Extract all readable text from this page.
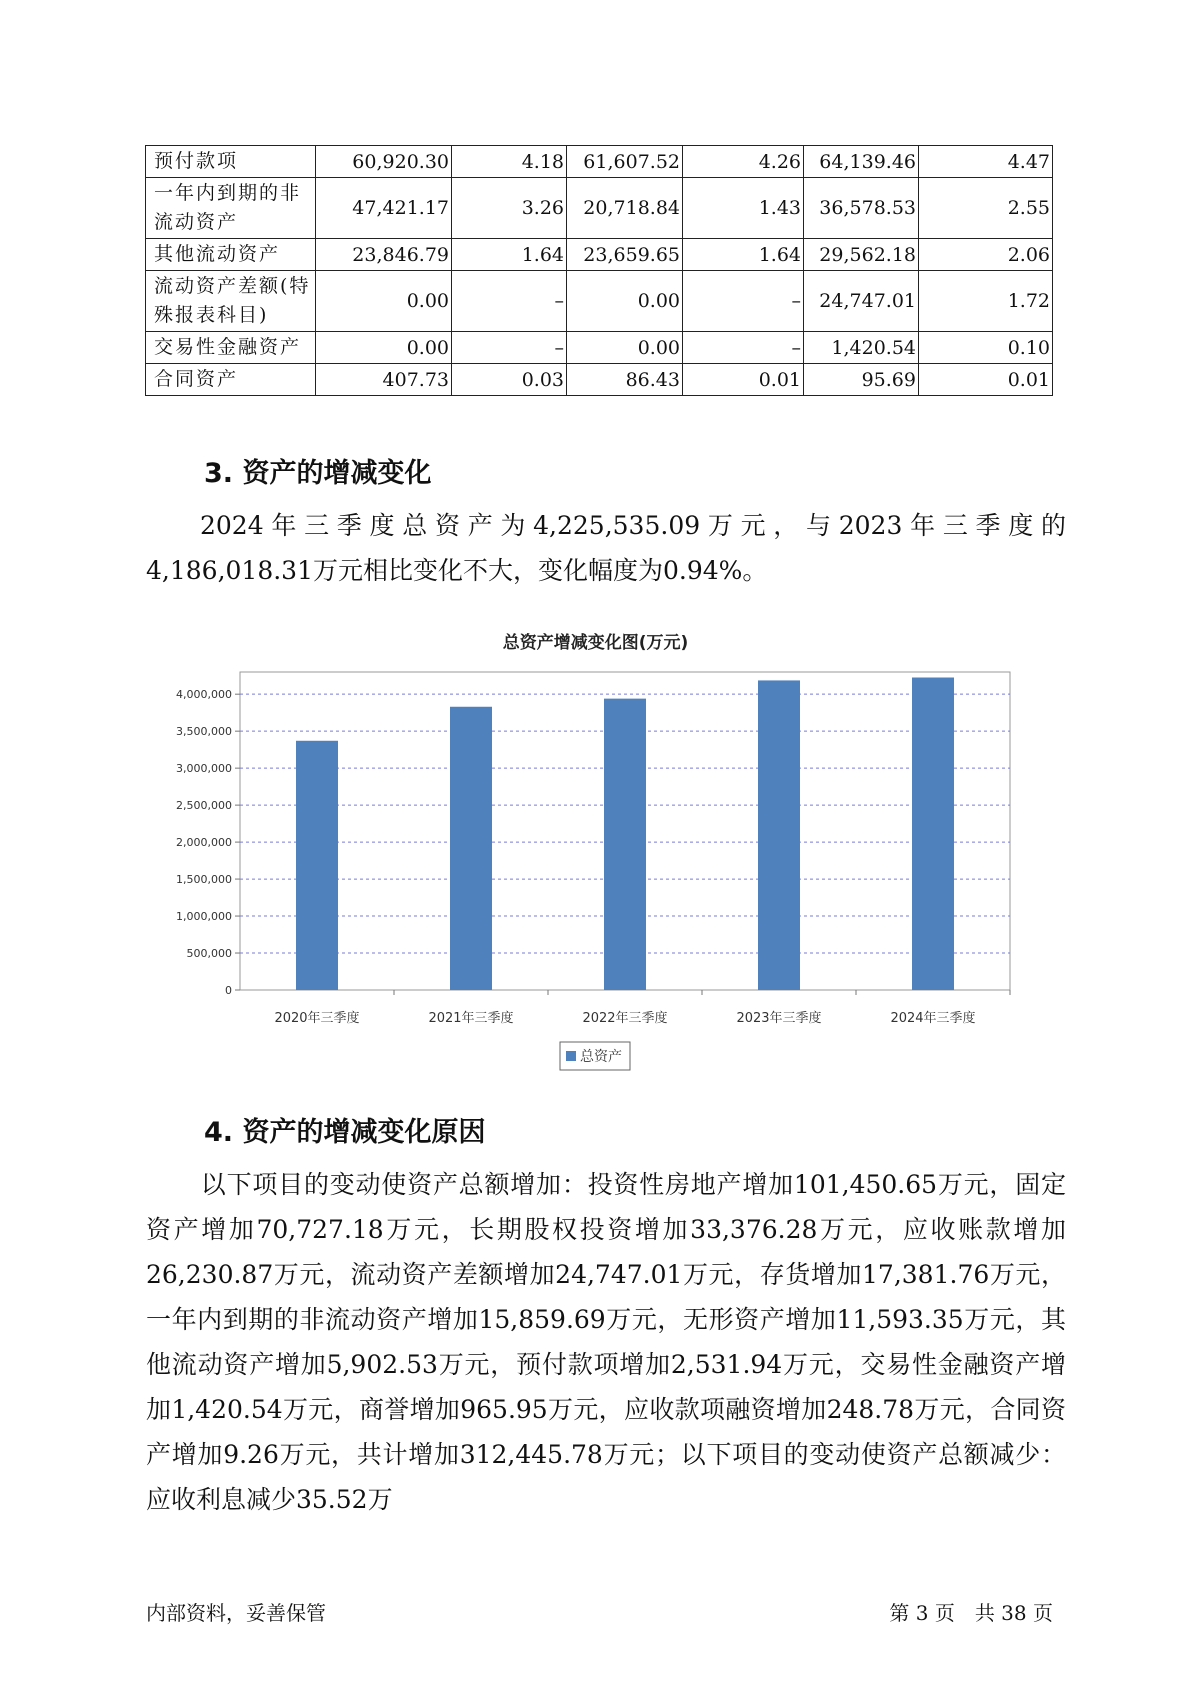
预付款项	60,920.30	4.18	61,607.52	4.26	64,139.46	4.47
一年内到期的非流动资产	47,421.17	3.26	20,718.84	1.43	36,578.53	2.55
其他流动资产	23,846.79	1.64	23,659.65	1.64	29,562.18	2.06
流动资产差额(特殊报表科目)	0.00	–	0.00	–	24,747.01	1.72
交易性金融资产	0.00	–	0.00	–	1,420.54	0.10
合同资产	407.73	0.03	86.43	0.01	95.69	0.01
3. 资产的增减变化

2024年三季度总资产为4,225,535.09万元，与2023年三季度的4,186,018.31万元相比变化不大，变化幅度为0.94%。

总资产增减变化图(万元)
0
500,000
1,000,000
1,500,000
2,000,000
2,500,000
3,000,000
3,500,000
4,000,000
2020年三季度	2021年三季度	2022年三季度	2023年三季度	2024年三季度
总资产
4. 资产的增减变化原因

以下项目的变动使资产总额增加：投资性房地产增加101,450.65万元，固定资产增加70,727.18万元，长期股权投资增加33,376.28万元，应收账款增加26,230.87万元，流动资产差额增加24,747.01万元，存货增加17,381.76万元，一年内到期的非流动资产增加15,859.69万元，无形资产增加11,593.35万元，其他流动资产增加5,902.53万元，预付款项增加2,531.94万元，交易性金融资产增加1,420.54万元，商誉增加965.95万元，应收款项融资增加248.78万元，合同资产增加9.26万元，共计增加312,445.78万元；以下项目的变动使资产总额减少：应收利息减少35.52万

内部资料，妥善保管	第 3 页　共 38 页
